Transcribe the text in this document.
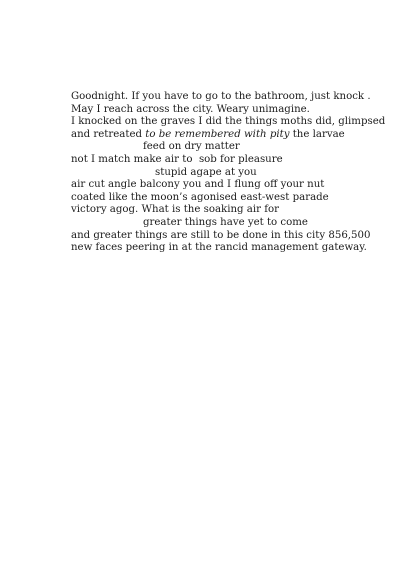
Goodnight. If you have to go to the bathroom, just knock .
May I reach across the city. Weary unimagine.
I knocked on the graves I did the things moths did, glimpsed
and retreated to be remembered with pity the larvae
feed on dry matter
not I match make air to  sob for pleasure
stupid agape at you
air cut angle balcony you and I flung off your nut
coated like the moon’s agonised east-west parade
victory agog. What is the soaking air for
greater things have yet to come
and greater things are still to be done in this city 856,500
new faces peering in at the rancid management gateway.
